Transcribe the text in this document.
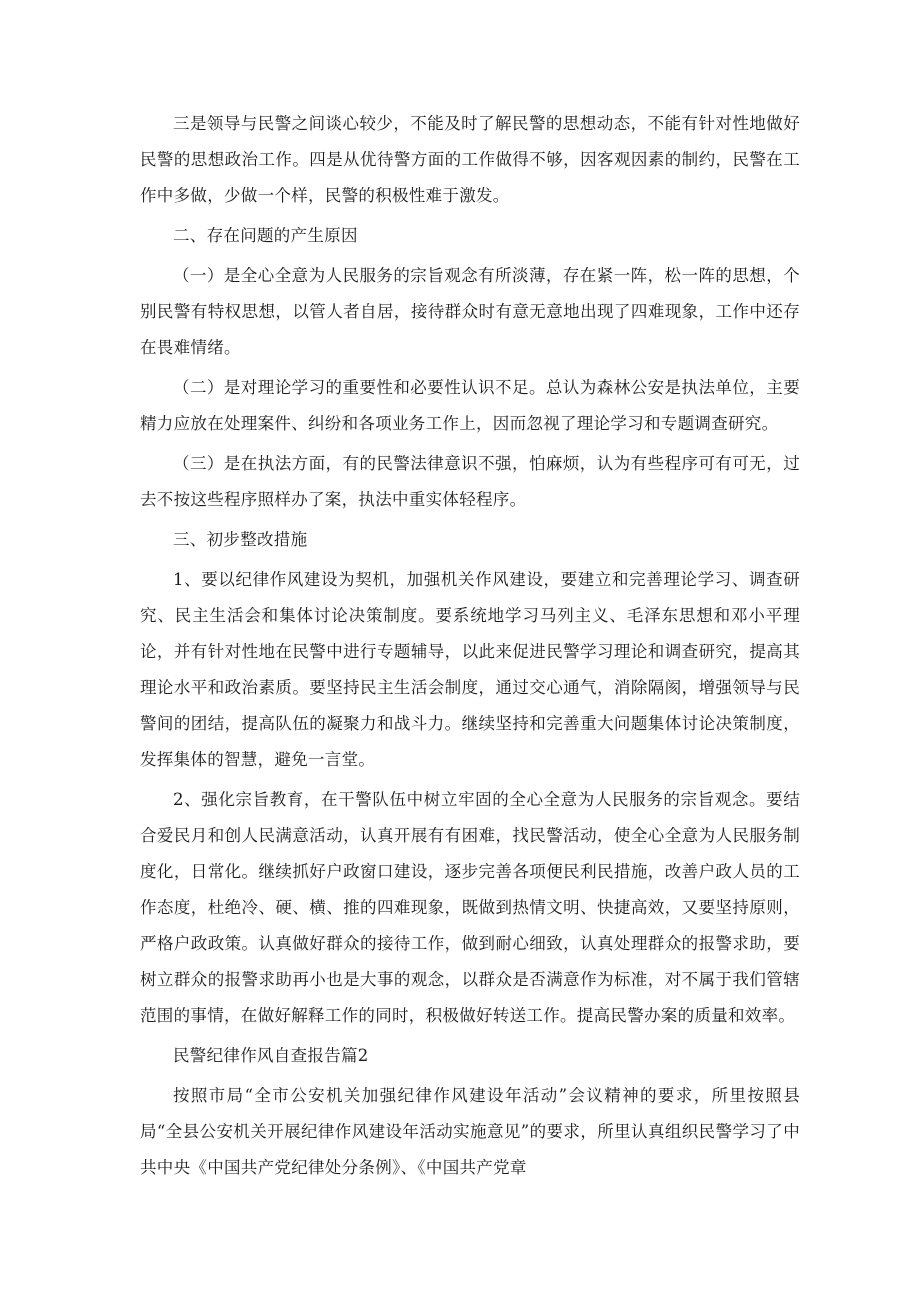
三是领导与民警之间谈心较少，不能及时了解民警的思想动态，不能有针对性地做好民警的思想政治工作。四是从优待警方面的工作做得不够，因客观因素的制约，民警在工作中多做，少做一个样，民警的积极性难于激发。

二、存在问题的产生原因

（一）是全心全意为人民服务的宗旨观念有所淡薄，存在紧一阵，松一阵的思想，个别民警有特权思想，以管人者自居，接待群众时有意无意地出现了四难现象，工作中还存在畏难情绪。

（二）是对理论学习的重要性和必要性认识不足。总认为森林公安是执法单位，主要精力应放在处理案件、纠纷和各项业务工作上，因而忽视了理论学习和专题调查研究。

（三）是在执法方面，有的民警法律意识不强，怕麻烦，认为有些程序可有可无，过去不按这些程序照样办了案，执法中重实体轻程序。

三、初步整改措施

1、要以纪律作风建设为契机，加强机关作风建设，要建立和完善理论学习、调查研究、民主生活会和集体讨论决策制度。要系统地学习马列主义、毛泽东思想和邓小平理论，并有针对性地在民警中进行专题辅导，以此来促进民警学习理论和调查研究，提高其理论水平和政治素质。要坚持民主生活会制度，通过交心通气，消除隔阂，增强领导与民警间的团结，提高队伍的凝聚力和战斗力。继续坚持和完善重大问题集体讨论决策制度，发挥集体的智慧，避免一言堂。

2、强化宗旨教育，在干警队伍中树立牢固的全心全意为人民服务的宗旨观念。要结合爱民月和创人民满意活动，认真开展有有困难，找民警活动，使全心全意为人民服务制度化，日常化。继续抓好户政窗口建设，逐步完善各项便民利民措施，改善户政人员的工作态度，杜绝冷、硬、横、推的四难现象，既做到热情文明、快捷高效，又要坚持原则，严格户政政策。认真做好群众的接待工作，做到耐心细致，认真处理群众的报警求助，要树立群众的报警求助再小也是大事的观念，以群众是否满意作为标准，对不属于我们管辖范围的事情，在做好解释工作的同时，积极做好转送工作。提高民警办案的质量和效率。

民警纪律作风自查报告篇2

按照市局“全市公安机关加强纪律作风建设年活动”会议精神的要求，所里按照县局“全县公安机关开展纪律作风建设年活动实施意见”的要求，所里认真组织民警学习了中共中央《中国共产党纪律处分条例》、《中国共产党章
